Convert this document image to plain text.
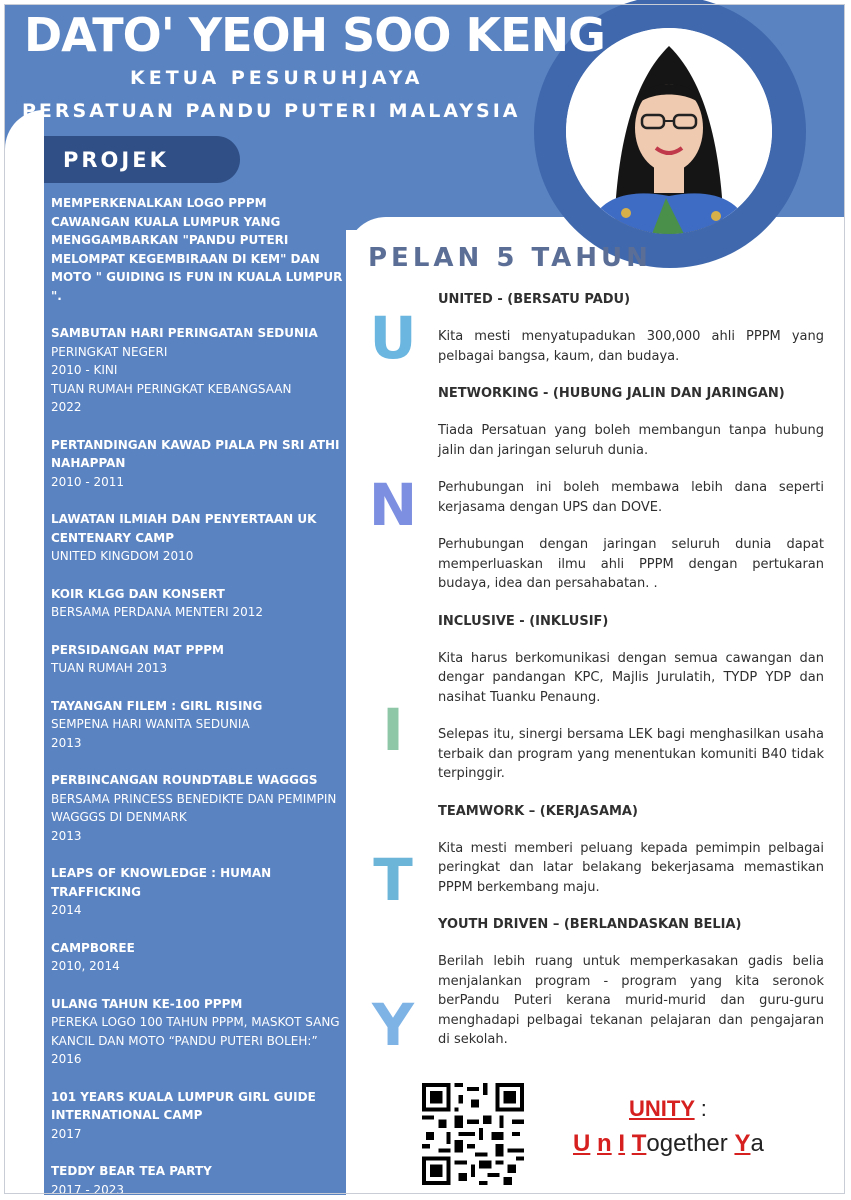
DATO' YEOH SOO KENG
KETUA PESURUHJAYA
PERSATUAN PANDU PUTERI MALAYSIA
PROJEK
MEMPERKENALKAN LOGO PPPM CAWANGAN KUALA LUMPUR YANG MENGGAMBARKAN "PANDU PUTERI MELOMPAT KEGEMBIRAAN DI KEM" DAN MOTO " GUIDING IS FUN IN KUALA LUMPUR ".
SAMBUTAN HARI PERINGATAN SEDUNIA
PERINGKAT NEGERI
2010 - KINI
TUAN RUMAH PERINGKAT KEBANGSAAN
2022
PERTANDINGAN KAWAD PIALA PN SRI ATHI NAHAPPAN
2010 - 2011
LAWATAN ILMIAH DAN PENYERTAAN UK CENTENARY CAMP
UNITED KINGDOM 2010
KOIR KLGG DAN KONSERT
BERSAMA PERDANA MENTERI 2012
PERSIDANGAN MAT PPPM
TUAN RUMAH 2013
TAYANGAN FILEM : GIRL RISING
SEMPENA HARI WANITA SEDUNIA
2013
PERBINCANGAN ROUNDTABLE WAGGGS
BERSAMA PRINCESS BENEDIKTE DAN PEMIMPIN WAGGGS DI DENMARK
2013
LEAPS OF KNOWLEDGE : HUMAN TRAFFICKING
2014
CAMPBOREE
2010, 2014
ULANG TAHUN KE-100 PPPM
PEREKA LOGO 100 TAHUN PPPM, MASKOT SANG KANCIL DAN MOTO “PANDU PUTERI BOLEH:”
2016
101 YEARS KUALA LUMPUR GIRL GUIDE INTERNATIONAL CAMP
2017
TEDDY BEAR TEA PARTY
2017 - 2023
PELAN 5 TAHUN
U
N
I
T
Y
UNITED - (BERSATU PADU)
Kita mesti menyatupadukan 300,000 ahli PPPM yang pelbagai bangsa, kaum, dan budaya.
NETWORKING - (HUBUNG JALIN DAN JARINGAN)
Tiada Persatuan yang boleh membangun tanpa hubung jalin dan jaringan seluruh dunia.
Perhubungan ini boleh membawa lebih dana seperti kerjasama dengan UPS dan DOVE.
Perhubungan dengan jaringan seluruh dunia dapat memperluaskan ilmu ahli PPPM dengan pertukaran budaya, idea dan persahabatan. .
INCLUSIVE - (INKLUSIF)
Kita harus berkomunikasi dengan semua cawangan dan dengar pandangan KPC, Majlis Jurulatih, TYDP YDP dan nasihat Tuanku Penaung.
Selepas itu, sinergi bersama LEK bagi menghasilkan usaha terbaik dan program yang menentukan komuniti B40 tidak terpinggir.
TEAMWORK – (KERJASAMA)
Kita mesti memberi peluang kepada pemimpin pelbagai peringkat dan latar belakang bekerjasama memastikan PPPM berkembang maju.
YOUTH DRIVEN – (BERLANDASKAN BELIA)
Berilah lebih ruang untuk memperkasakan gadis belia menjalankan program - program yang kita seronok berPandu Puteri kerana murid-murid dan guru-guru menghadapi pelbagai tekanan pelajaran dan pengajaran di sekolah.
UNITY :
U n I Together Ya
